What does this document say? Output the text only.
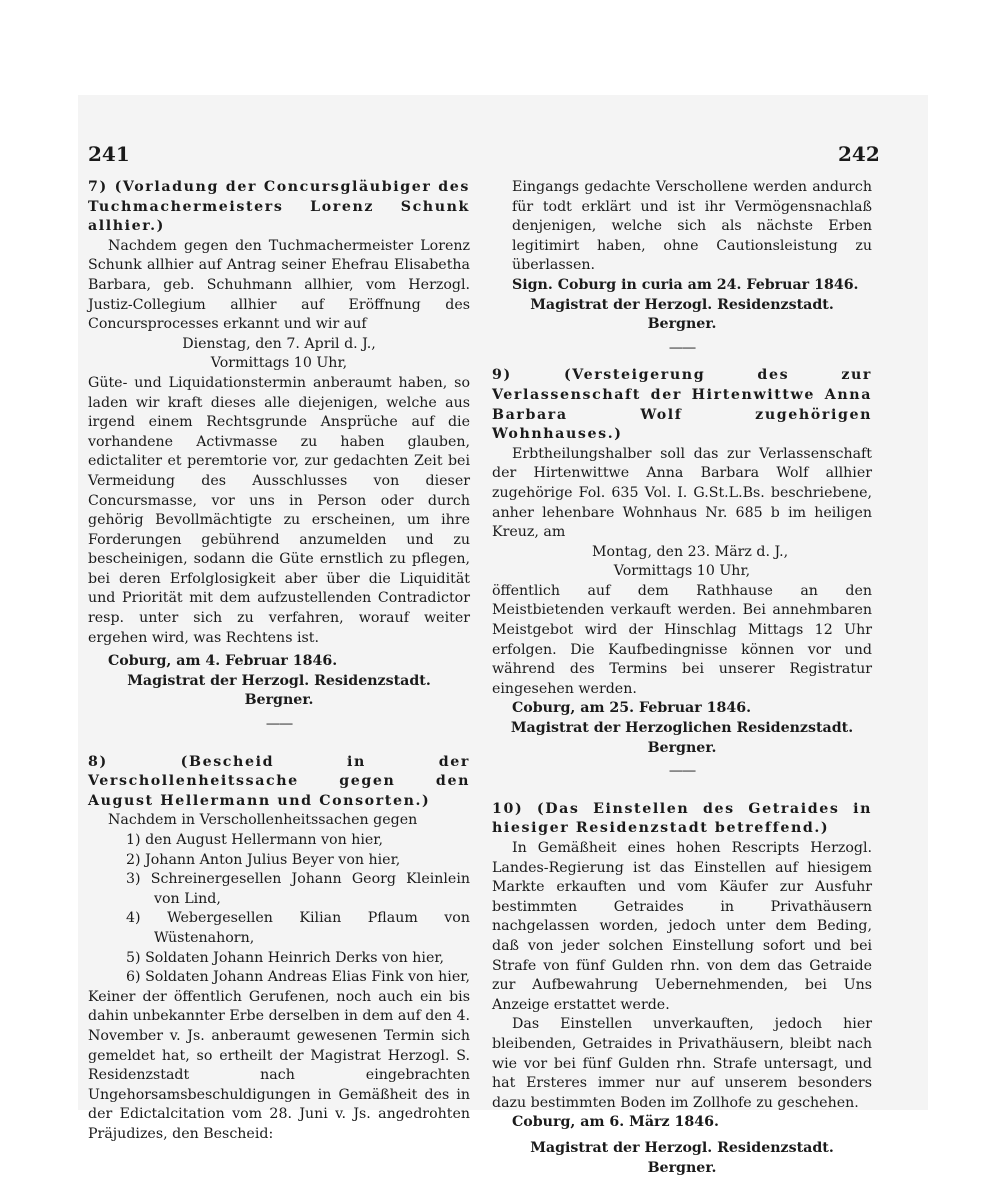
241	242

7) (Vorladung der Concursgläubiger des Tuchmachermeisters Lorenz Schunk allhier.)

Nachdem gegen den Tuchmachermeister Lorenz Schunk allhier auf Antrag seiner Ehefrau Elisabetha Barbara, geb. Schuhmann allhier, vom Herzogl. Justiz-Collegium allhier auf Eröffnung des Concursprocesses erkannt und wir auf

Dienstag, den 7. April d. J.,

Vormittags 10 Uhr,

Güte- und Liquidationstermin anberaumt haben, so laden wir kraft dieses alle diejenigen, welche aus irgend einem Rechtsgrunde Ansprüche auf die vorhandene Activmasse zu haben glauben, edictaliter et peremtorie vor, zur gedachten Zeit bei Vermeidung des Ausschlusses von dieser Concursmasse, vor uns in Person oder durch gehörig Bevollmächtigte zu erscheinen, um ihre Forderungen gebührend anzumelden und zu bescheinigen, sodann die Güte ernstlich zu pflegen, bei deren Erfolglosigkeit aber über die Liquidität und Priorität mit dem aufzustellenden Contradictor resp. unter sich zu verfahren, worauf weiter ergehen wird, was Rechtens ist.

Coburg, am 4. Februar 1846.

Magistrat der Herzogl. Residenzstadt.

Bergner.

——

8) (Bescheid in der Verschollenheitssache gegen den August Hellermann und Consorten.)

Nachdem in Verschollenheitssachen gegen

1) den August Hellermann von hier,
2) Johann Anton Julius Beyer von hier,
3) Schreinergesellen Johann Georg Kleinlein von Lind,
4) Webergesellen Kilian Pflaum von Wüstenahorn,
5) Soldaten Johann Heinrich Derks von hier,
6) Soldaten Johann Andreas Elias Fink von hier,

Keiner der öffentlich Gerufenen, noch auch ein bis dahin unbekannter Erbe derselben in dem auf den 4. November v. Js. anberaumt gewesenen Termin sich gemeldet hat, so ertheilt der Magistrat Herzogl. S. Residenzstadt nach eingebrachten Ungehorsamsbeschuldigungen in Gemäßheit des in der Edictalcitation vom 28. Juni v. Js. angedrohten Präjudizes, den Bescheid:

Eingangs gedachte Verschollene werden andurch für todt erklärt und ist ihr Vermögensnachlaß denjenigen, welche sich als nächste Erben legitimirt haben, ohne Cautionsleistung zu überlassen.

Sign. Coburg in curia am 24. Februar 1846.

Magistrat der Herzogl. Residenzstadt.

Bergner.

——

9) (Versteigerung des zur Verlassenschaft der Hirtenwittwe Anna Barbara Wolf zugehörigen Wohnhauses.)

Erbtheilungshalber soll das zur Verlassenschaft der Hirtenwittwe Anna Barbara Wolf allhier zugehörige Fol. 635 Vol. I. G.St.L.Bs. beschriebene, anher lehenbare Wohnhaus Nr. 685 b im heiligen Kreuz, am

Montag, den 23. März d. J.,

Vormittags 10 Uhr,

öffentlich auf dem Rathhause an den Meistbietenden verkauft werden. Bei annehmbaren Meistgebot wird der Hinschlag Mittags 12 Uhr erfolgen. Die Kaufbedingnisse können vor und während des Termins bei unserer Registratur eingesehen werden.

Coburg, am 25. Februar 1846.

Magistrat der Herzoglichen Residenzstadt.

Bergner.

——

10) (Das Einstellen des Getraides in hiesiger Residenzstadt betreffend.)

In Gemäßheit eines hohen Rescripts Herzogl. Landes-Regierung ist das Einstellen auf hiesigem Markte erkauften und vom Käufer zur Ausfuhr bestimmten Getraides in Privathäusern nachgelassen worden, jedoch unter dem Beding, daß von jeder solchen Einstellung sofort und bei Strafe von fünf Gulden rhn. von dem das Getraide zur Aufbewahrung Uebernehmenden, bei Uns Anzeige erstattet werde.

Das Einstellen unverkauften, jedoch hier bleibenden, Getraides in Privathäusern, bleibt nach wie vor bei fünf Gulden rhn. Strafe untersagt, und hat Ersteres immer nur auf unserem besonders dazu bestimmten Boden im Zollhofe zu geschehen.

Coburg, am 6. März 1846.

Magistrat der Herzogl. Residenzstadt.

Bergner.
